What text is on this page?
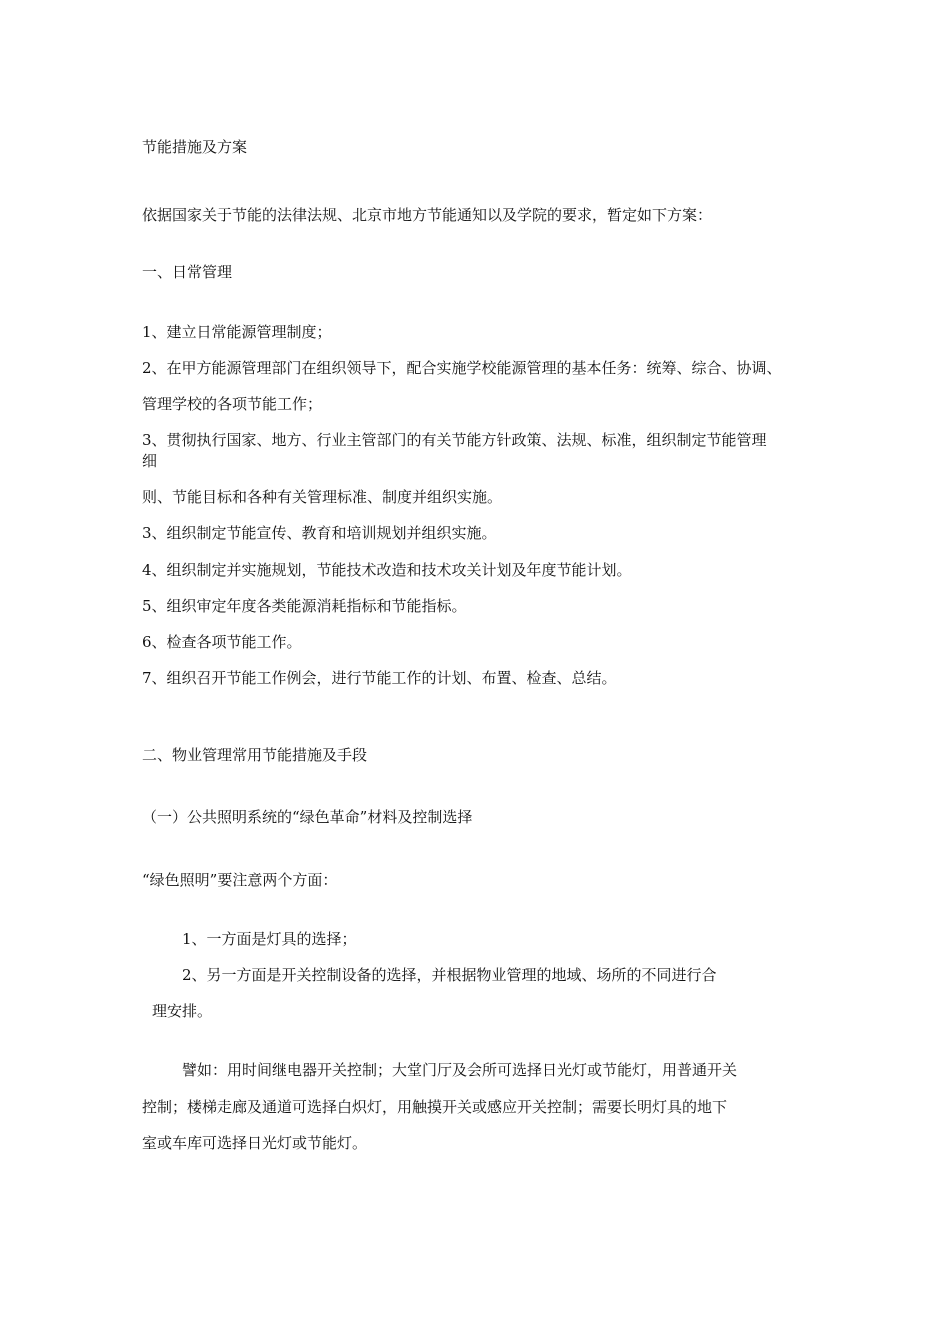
节能措施及方案

依据国家关于节能的法律法规、北京市地方节能通知以及学院的要求，暂定如下方案：

一、日常管理

1、建立日常能源管理制度；

2、在甲方能源管理部门在组织领导下，配合实施学校能源管理的基本任务：统筹、综合、协调、

管理学校的各项节能工作；

3、贯彻执行国家、地方、行业主管部门的有关节能方针政策、法规、标准，组织制定节能管理

细

则、节能目标和各种有关管理标准、制度并组织实施。

3、组织制定节能宣传、教育和培训规划并组织实施。

4、组织制定并实施规划，节能技术改造和技术攻关计划及年度节能计划。

5、组织审定年度各类能源消耗指标和节能指标。

6、检查各项节能工作。

7、组织召开节能工作例会，进行节能工作的计划、布置、检查、总结。

二、物业管理常用节能措施及手段

（一）公共照明系统的“绿色革命”材料及控制选择

“绿色照明”要注意两个方面：

1、一方面是灯具的选择；

2、另一方面是开关控制设备的选择，并根据物业管理的地域、场所的不同进行合

理安排。

譬如：用时间继电器开关控制；大堂门厅及会所可选择日光灯或节能灯，用普通开关

控制；楼梯走廊及通道可选择白炽灯，用触摸开关或感应开关控制；需要长明灯具的地下

室或车库可选择日光灯或节能灯。
